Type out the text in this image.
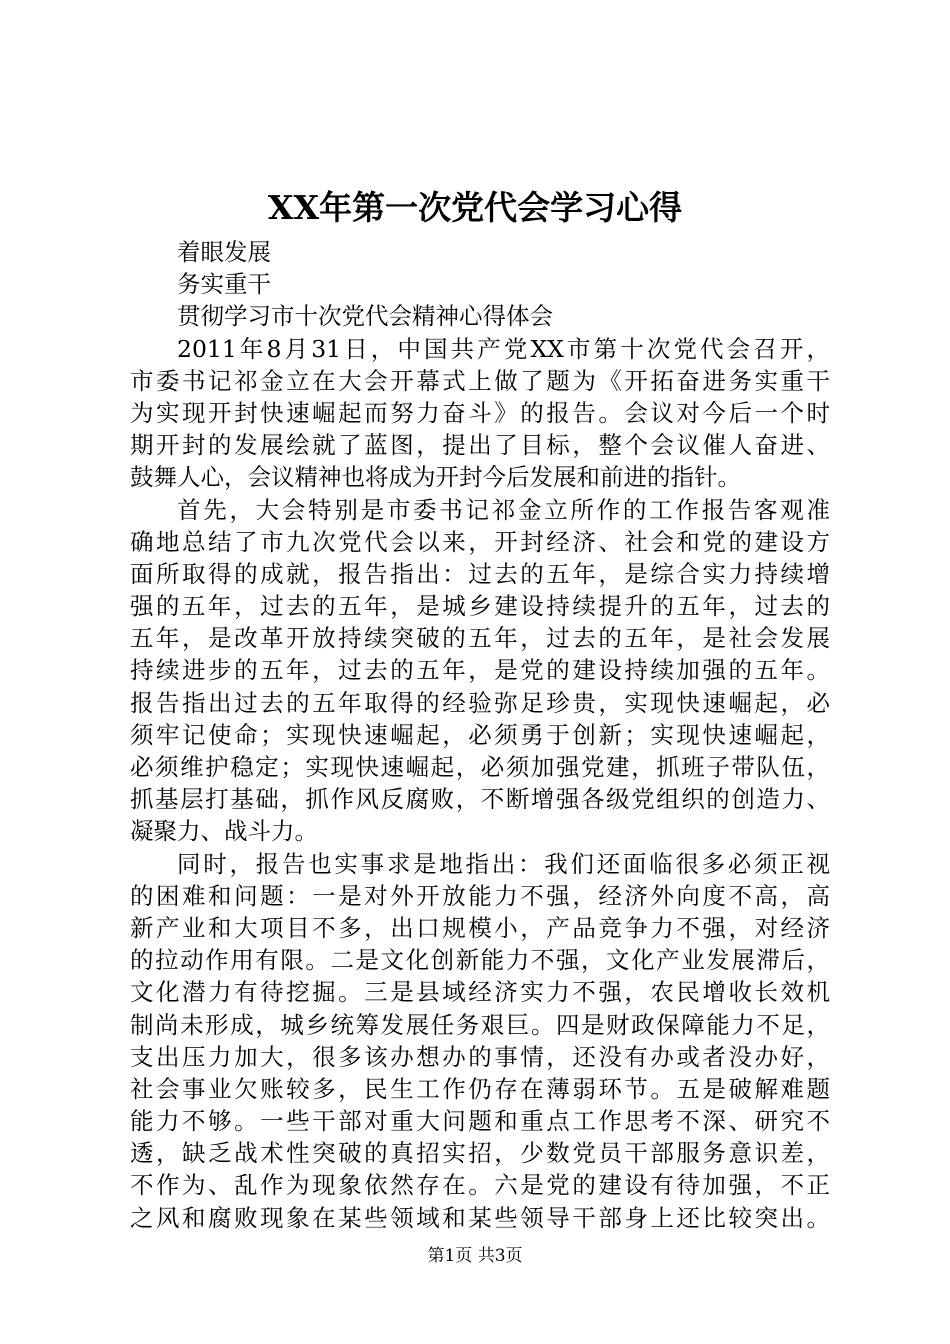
XX年第一次党代会学习心得
着眼发展
务实重干
贯彻学习市十次党代会精神心得体会
2011年8月31日，中国共产党XX市第十次党代会召开，
市委书记祁金立在大会开幕式上做了题为《开拓奋进务实重干
为实现开封快速崛起而努力奋斗》的报告。会议对今后一个时
期开封的发展绘就了蓝图，提出了目标，整个会议催人奋进、
鼓舞人心，会议精神也将成为开封今后发展和前进的指针。
首先，大会特别是市委书记祁金立所作的工作报告客观准
确地总结了市九次党代会以来，开封经济、社会和党的建设方
面所取得的成就，报告指出：过去的五年，是综合实力持续增
强的五年，过去的五年，是城乡建设持续提升的五年，过去的
五年，是改革开放持续突破的五年，过去的五年，是社会发展
持续进步的五年，过去的五年，是党的建设持续加强的五年。
报告指出过去的五年取得的经验弥足珍贵，实现快速崛起，必
须牢记使命；实现快速崛起，必须勇于创新；实现快速崛起，
必须维护稳定；实现快速崛起，必须加强党建，抓班子带队伍，
抓基层打基础，抓作风反腐败，不断增强各级党组织的创造力、
凝聚力、战斗力。
同时，报告也实事求是地指出：我们还面临很多必须正视
的困难和问题：一是对外开放能力不强，经济外向度不高，高
新产业和大项目不多，出口规模小，产品竞争力不强，对经济
的拉动作用有限。二是文化创新能力不强，文化产业发展滞后，
文化潜力有待挖掘。三是县域经济实力不强，农民增收长效机
制尚未形成，城乡统筹发展任务艰巨。四是财政保障能力不足，
支出压力加大，很多该办想办的事情，还没有办或者没办好，
社会事业欠账较多，民生工作仍存在薄弱环节。五是破解难题
能力不够。一些干部对重大问题和重点工作思考不深、研究不
透，缺乏战术性突破的真招实招，少数党员干部服务意识差，
不作为、乱作为现象依然存在。六是党的建设有待加强，不正
之风和腐败现象在某些领域和某些领导干部身上还比较突出。
第1页 共3页
